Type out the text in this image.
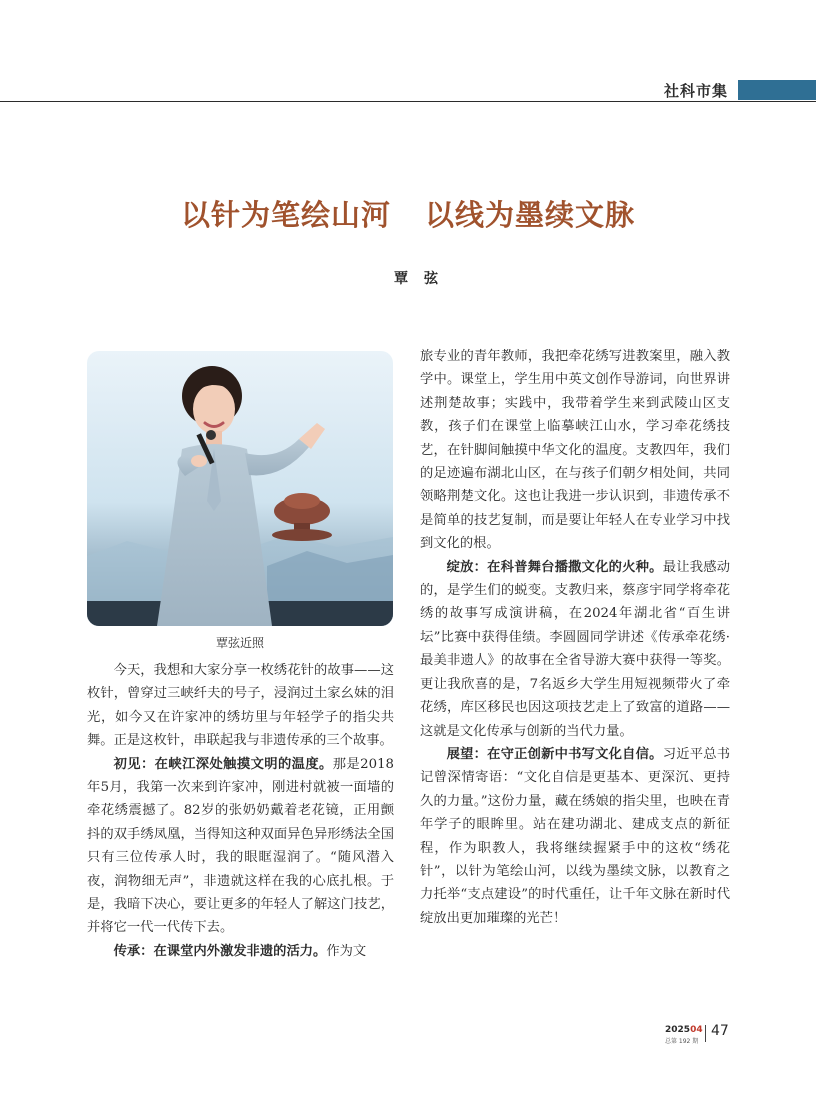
社科市集
以针为笔绘山河 以线为墨续文脉
覃弦
覃弦近照

今天，我想和大家分享一枚绣花针的故事——这枚针，曾穿过三峡纤夫的号子，浸润过土家幺妹的泪光，如今又在许家冲的绣坊里与年轻学子的指尖共舞。正是这枚针，串联起我与非遗传承的三个故事。

初见：在峡江深处触摸文明的温度。那是2018年5月，我第一次来到许家冲，刚进村就被一面墙的牵花绣震撼了。82岁的张奶奶戴着老花镜，正用颤抖的双手绣凤凰，当得知这种双面异色异形绣法全国只有三位传承人时，我的眼眶湿润了。“随风潜入夜，润物细无声”，非遗就这样在我的心底扎根。于是，我暗下决心，要让更多的年轻人了解这门技艺，并将它一代一代传下去。

传承：在课堂内外激发非遗的活力。作为文

旅专业的青年教师，我把牵花绣写进教案里，融入教学中。课堂上，学生用中英文创作导游词，向世界讲述荆楚故事；实践中，我带着学生来到武陵山区支教，孩子们在课堂上临摹峡江山水，学习牵花绣技艺，在针脚间触摸中华文化的温度。支教四年，我们的足迹遍布湖北山区，在与孩子们朝夕相处间，共同领略荆楚文化。这也让我进一步认识到，非遗传承不是简单的技艺复制，而是要让年轻人在专业学习中找到文化的根。

绽放：在科普舞台播撒文化的火种。最让我感动的，是学生们的蜕变。支教归来，蔡彦宇同学将牵花绣的故事写成演讲稿，在2024年湖北省“百生讲坛”比赛中获得佳绩。李圆圆同学讲述《传承牵花绣·最美非遗人》的故事在全省导游大赛中获得一等奖。更让我欣喜的是，7名返乡大学生用短视频带火了牵花绣，库区移民也因这项技艺走上了致富的道路——这就是文化传承与创新的当代力量。

展望：在守正创新中书写文化自信。习近平总书记曾深情寄语：“文化自信是更基本、更深沉、更持久的力量。”这份力量，藏在绣娘的指尖里，也映在青年学子的眼眸里。站在建功湖北、建成支点的新征程，作为职教人，我将继续握紧手中的这枚“绣花针”，以针为笔绘山河，以线为墨续文脉，以教育之力托举“支点建设”的时代重任，让千年文脉在新时代绽放出更加璀璨的光芒！

202504
总第 192 期
47
